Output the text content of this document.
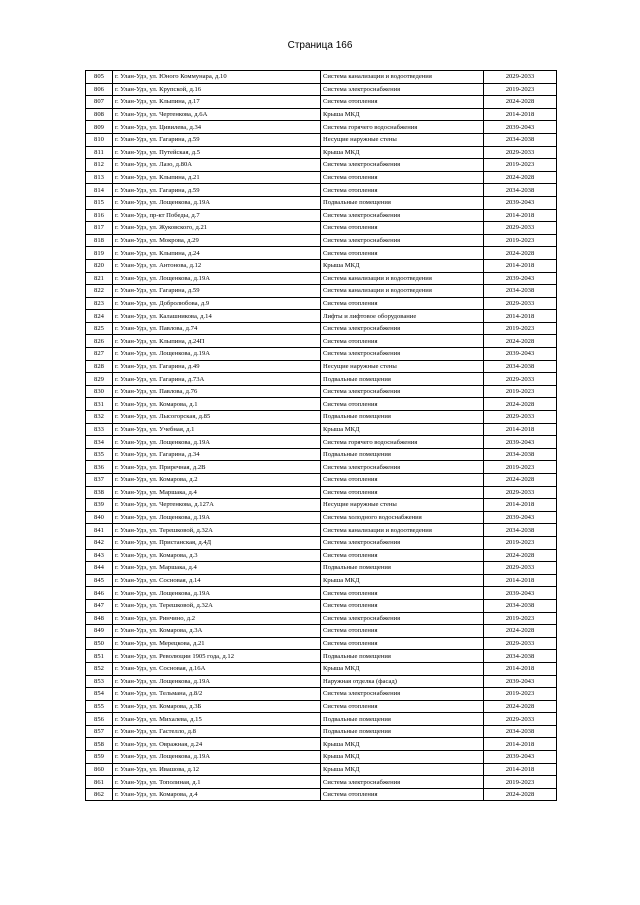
Страница 166
805	г. Улан-Удэ, ул. Юного Коммунара, д.10	Система канализации и водоотведения	2029-2033
806	г. Улан-Удэ, ул. Крупской, д.16	Система электроснабжения	2019-2023
807	г. Улан-Удэ, ул. Клыпина, д.17	Система отопления	2024-2028
808	г. Улан-Удэ, ул. Чертенкова, д.6А	Крыша МКД	2014-2018
809	г. Улан-Удэ, ул. Цивилева, д.34	Система горячего водоснабжения	2039-2043
810	г. Улан-Удэ, ул. Гагарина, д.59	Несущие наружные стены	2034-2038
811	г. Улан-Удэ, ул. Путейская, д.5	Крыша МКД	2029-2033
812	г. Улан-Удэ, ул. Лазо, д.80А	Система электроснабжения	2019-2023
813	г. Улан-Удэ, ул. Клыпина, д.21	Система отопления	2024-2028
814	г. Улан-Удэ, ул. Гагарина, д.59	Система отопления	2034-2038
815	г. Улан-Удэ, ул. Лощенкова, д.19А	Подвальные помещения	2039-2043
816	г. Улан-Удэ, пр-кт Победы, д.7	Система электроснабжения	2014-2018
817	г. Улан-Удэ, ул. Жуковского, д.21	Система отопления	2029-2033
818	г. Улан-Удэ, ул. Мокрова, д.29	Система электроснабжения	2019-2023
819	г. Улан-Удэ, ул. Клыпина, д.24	Система отопления	2024-2028
820	г. Улан-Удэ, ул. Антонова, д.12	Крыша МКД	2014-2018
821	г. Улан-Удэ, ул. Лощенкова, д.19А	Система канализации и водоотведения	2039-2043
822	г. Улан-Удэ, ул. Гагарина, д.59	Система канализации и водоотведения	2034-2038
823	г. Улан-Удэ, ул. Добролюбова, д.9	Система отопления	2029-2033
824	г. Улан-Удэ, ул. Калашникова, д.14	Лифты и лифтовое оборудование	2014-2018
825	г. Улан-Удэ, ул. Павлова, д.74	Система электроснабжения	2019-2023
826	г. Улан-Удэ, ул. Клыпина, д.24П	Система отопления	2024-2028
827	г. Улан-Удэ, ул. Лощенкова, д.19А	Система электроснабжения	2039-2043
828	г. Улан-Удэ, ул. Гагарина, д.49	Несущие наружные стены	2034-2038
829	г. Улан-Удэ, ул. Гагарина, д.73А	Подвальные помещения	2029-2033
830	г. Улан-Удэ, ул. Павлова, д.76	Система электроснабжения	2019-2023
831	г. Улан-Удэ, ул. Комарова, д.1	Система отопления	2024-2028
832	г. Улан-Удэ, ул. Лысогорская, д.85	Подвальные помещения	2029-2033
833	г. Улан-Удэ, ул. Учебная, д.1	Крыша МКД	2014-2018
834	г. Улан-Удэ, ул. Лощенкова, д.19А	Система горячего водоснабжения	2039-2043
835	г. Улан-Удэ, ул. Гагарина, д.34	Подвальные помещения	2034-2038
836	г. Улан-Удэ, ул. Приречная, д.2В	Система электроснабжения	2019-2023
837	г. Улан-Удэ, ул. Комарова, д.2	Система отопления	2024-2028
838	г. Улан-Удэ, ул. Маршака, д.4	Система отопления	2029-2033
839	г. Улан-Удэ, ул. Чертенкова, д.127А	Несущие наружные стены	2014-2018
840	г. Улан-Удэ, ул. Лощенкова, д.19А	Система холодного водоснабжения	2039-2043
841	г. Улан-Удэ, ул. Терешковой, д.32А	Система канализации и водоотведения	2034-2038
842	г. Улан-Удэ, ул. Пристанская, д.4Д	Система электроснабжения	2019-2023
843	г. Улан-Удэ, ул. Комарова, д.3	Система отопления	2024-2028
844	г. Улан-Удэ, ул. Маршака, д.4	Подвальные помещения	2029-2033
845	г. Улан-Удэ, ул. Сосновая, д.14	Крыша МКД	2014-2018
846	г. Улан-Удэ, ул. Лощенкова, д.19А	Система отопления	2039-2043
847	г. Улан-Удэ, ул. Терешковой, д.32А	Система отопления	2034-2038
848	г. Улан-Удэ, ул. Ринчино, д.2	Система электроснабжения	2019-2023
849	г. Улан-Удэ, ул. Комарова, д.3А	Система отопления	2024-2028
850	г. Улан-Удэ, ул. Мерецкова, д.21	Система отопления	2029-2033
851	г. Улан-Удэ, ул. Революции 1905 года, д.12	Подвальные помещения	2034-2038
852	г. Улан-Удэ, ул. Сосновая, д.16А	Крыша МКД	2014-2018
853	г. Улан-Удэ, ул. Лощенкова, д.19А	Наружная отделка (фасад)	2039-2043
854	г. Улан-Удэ, ул. Тельмана, д.8/2	Система электроснабжения	2019-2023
855	г. Улан-Удэ, ул. Комарова, д.3Б	Система отопления	2024-2028
856	г. Улан-Удэ, ул. Михалева, д.15	Подвальные помещения	2029-2033
857	г. Улан-Удэ, ул. Гастелло, д.8	Подвальные помещения	2034-2038
858	г. Улан-Удэ, ул. Овражная, д.24	Крыша МКД	2014-2018
859	г. Улан-Удэ, ул. Лощенкова, д.19А	Крыша МКД	2039-2043
860	г. Улан-Удэ, ул. Ивашова, д.12	Крыша МКД	2014-2018
861	г. Улан-Удэ, ул. Тополиная, д.1	Система электроснабжения	2019-2023
862	г. Улан-Удэ, ул. Комарова, д.4	Система отопления	2024-2028
